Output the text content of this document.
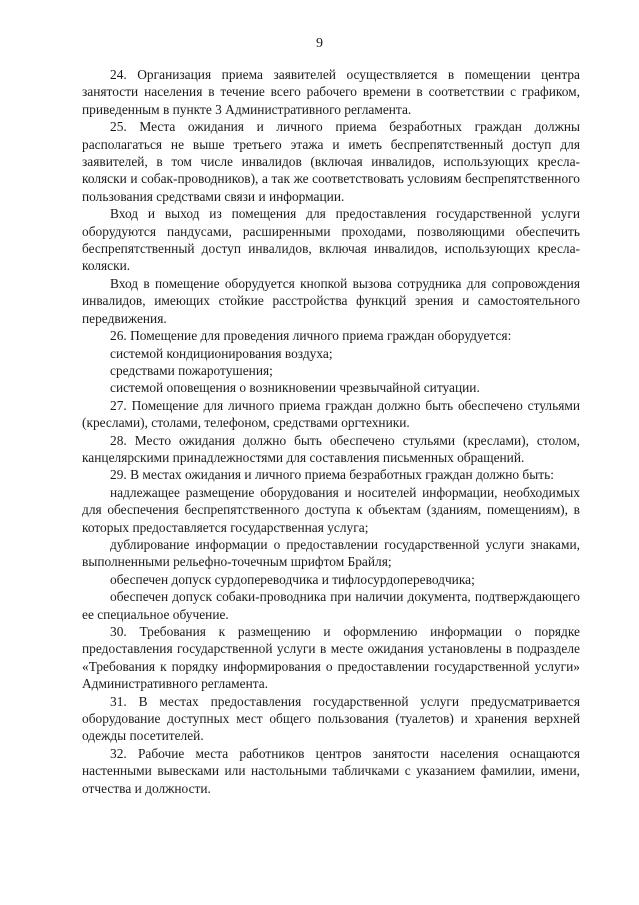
9

24. Организация приема заявителей осуществляется в помещении центра занятости населения в течение всего рабочего времени в соответствии с графиком, приведенным в пункте 3 Административного регламента.

25. Места ожидания и личного приема безработных граждан должны располагаться не выше третьего этажа и иметь беспрепятственный доступ для заявителей, в том числе инвалидов (включая инвалидов, использующих кресла-коляски и собак-проводников), а так же соответствовать условиям беспрепятственного пользования средствами связи и информации.

Вход и выход из помещения для предоставления государственной услуги оборудуются пандусами, расширенными проходами, позволяющими обеспечить беспрепятственный доступ инвалидов, включая инвалидов, использующих кресла-коляски.

Вход в помещение оборудуется кнопкой вызова сотрудника для сопровождения инвалидов, имеющих стойкие расстройства функций зрения и самостоятельного передвижения.

26. Помещение для проведения личного приема граждан оборудуется:

системой кондиционирования воздуха;

средствами пожаротушения;

системой оповещения о возникновении чрезвычайной ситуации.

27. Помещение для личного приема граждан должно быть обеспечено стульями (креслами), столами, телефоном, средствами оргтехники.

28. Место ожидания должно быть обеспечено стульями (креслами), столом, канцелярскими принадлежностями для составления письменных обращений.

29. В местах ожидания и личного приема безработных граждан должно быть:

надлежащее размещение оборудования и носителей информации, необходимых для обеспечения беспрепятственного доступа к объектам (зданиям, помещениям), в которых предоставляется государственная услуга;

дублирование информации о предоставлении государственной услуги знаками, выполненными рельефно-точечным шрифтом Брайля;

обеспечен допуск сурдопереводчика и тифлосурдопереводчика;

обеспечен допуск собаки-проводника при наличии документа, подтверждающего ее специальное обучение.

30. Требования к размещению и оформлению информации о порядке предоставления государственной услуги в месте ожидания установлены в подразделе «Требования к порядку информирования о предоставлении государственной услуги» Административного регламента.

31. В местах предоставления государственной услуги предусматривается оборудование доступных мест общего пользования (туалетов) и хранения верхней одежды посетителей.

32. Рабочие места работников центров занятости населения оснащаются настенными вывесками или настольными табличками с указанием фамилии, имени, отчества и должности.
